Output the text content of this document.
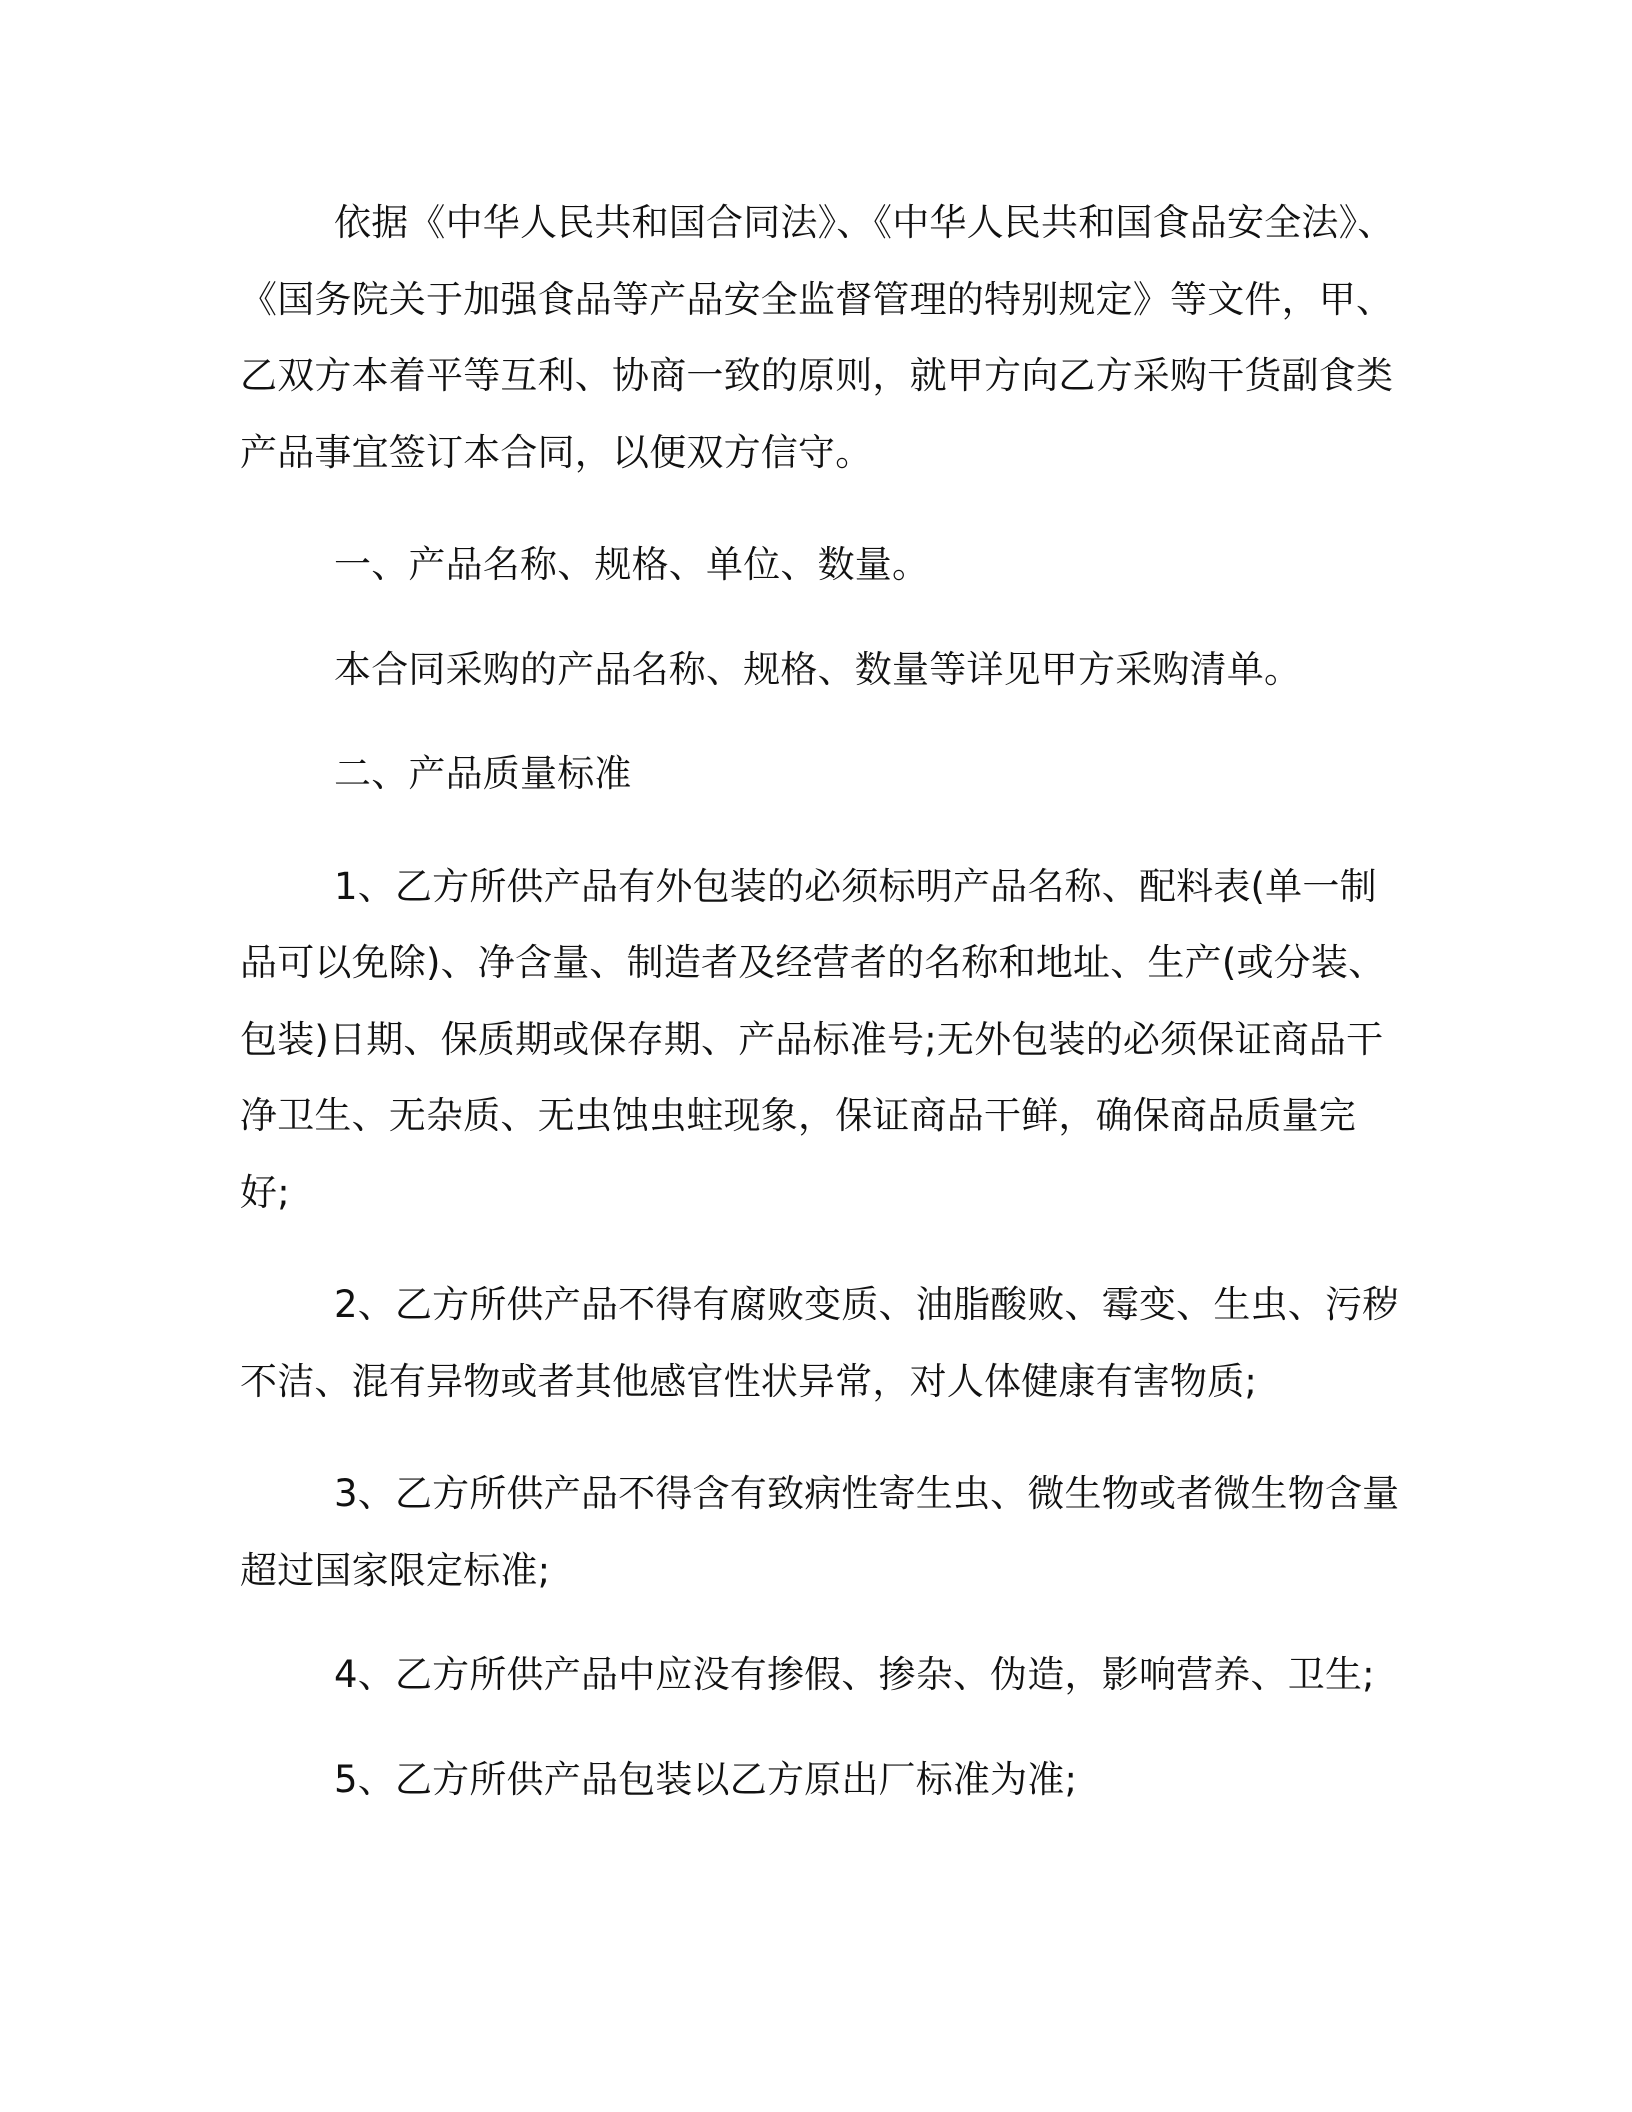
依据《中华人民共和国合同法》、《中华人民共和国食品安全法》、《国务院关于加强食品等产品安全监督管理的特别规定》等文件，甲、乙双方本着平等互利、协商一致的原则，就甲方向乙方采购干货副食类 产品事宜签订本合同，以便双方信守。

一、产品名称、规格、单位、数量。

本合同采购的产品名称、规格、数量等详见甲方采购清单。

二、产品质量标准

1、乙方所供产品有外包装的必须标明产品名称、配料表(单一制品可以免除)、净含量、制造者及经营者的名称和地址、生产(或分装、包装)日期、保质期或保存期、产品标准号;无外包装的必须保证商品干净卫生、无杂质、无虫蚀虫蛀现象，保证商品干鲜，确保商品质量完好;

2、乙方所供产品不得有腐败变质、油脂酸败、霉变、生虫、污秽不洁、混有异物或者其他感官性状异常，对人体健康有害物质;

3、乙方所供产品不得含有致病性寄生虫、微生物或者微生物含量超过国家限定标准;

4、乙方所供产品中应没有掺假、掺杂、伪造，影响营养、卫生;

5、乙方所供产品包装以乙方原出厂标准为准;
